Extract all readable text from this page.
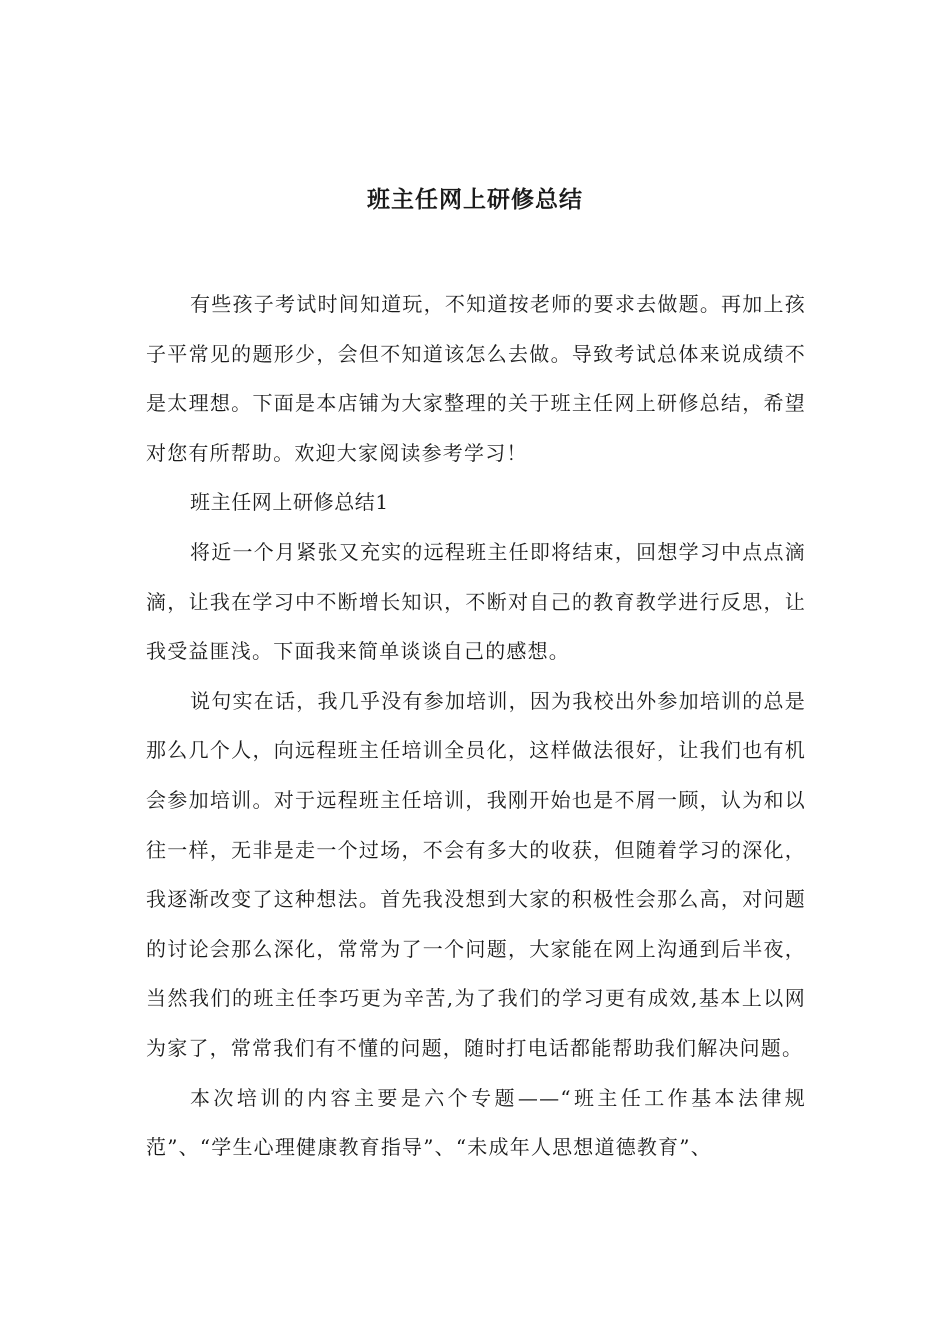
班主任网上研修总结

有些孩子考试时间知道玩，不知道按老师的要求去做题。再加上孩子平常见的题形少，会但不知道该怎么去做。导致考试总体来说成绩不是太理想。下面是本店铺为大家整理的关于班主任网上研修总结，希望对您有所帮助。欢迎大家阅读参考学习！

班主任网上研修总结1

将近一个月紧张又充实的远程班主任即将结束，回想学习中点点滴滴，让我在学习中不断增长知识，不断对自己的教育教学进行反思，让我受益匪浅。下面我来简单谈谈自己的感想。

说句实在话，我几乎没有参加培训，因为我校出外参加培训的总是那么几个人，向远程班主任培训全员化，这样做法很好，让我们也有机会参加培训。对于远程班主任培训，我刚开始也是不屑一顾，认为和以往一样，无非是走一个过场，不会有多大的收获，但随着学习的深化，我逐渐改变了这种想法。首先我没想到大家的积极性会那么高，对问题的讨论会那么深化，常常为了一个问题，大家能在网上沟通到后半夜，当然我们的班主任李巧更为辛苦,为了我们的学习更有成效,基本上以网为家了，常常我们有不懂的问题，随时打电话都能帮助我们解决问题。

本次培训的内容主要是六个专题——“班主任工作基本法律规范”、“学生心理健康教育指导”、“未成年人思想道德教育”、
